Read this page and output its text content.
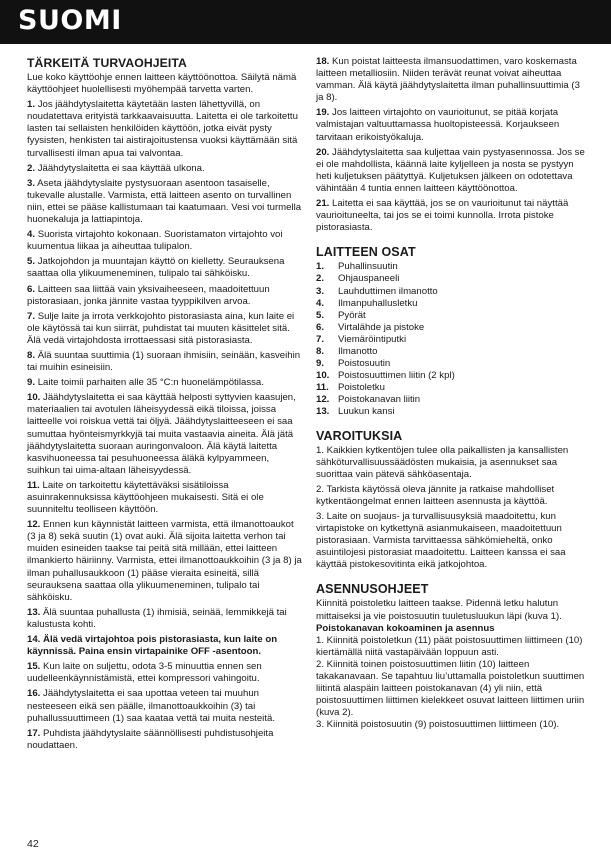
SUOMI
TÄRKEITÄ TURVAOHJEITA
Lue koko käyttöohje ennen laitteen käyttöönottoa. Säilytä nämä käyttöohjeet huolellisesti myöhempää tarvetta varten.
1. Jos jäähdytyslaitetta käytetään lasten lähettyvillä, on noudatettava erityistä tarkkaavaisuutta. Laitetta ei ole tarkoitettu lasten tai sellaisten henkilöiden käyttöön, jotka eivät pysty fyysisten, henkisten tai aistirajoitustensa vuoksi käyttämään sitä turvallisesti ilman apua tai valvontaa.
2. Jäähdytyslaitetta ei saa käyttää ulkona.
3. Aseta jäähdytyslaite pystysuoraan asentoon tasaiselle, tukevalle alustalle. Varmista, että laitteen asento on turvallinen niin, ettei se pääse kallistumaan tai kaatumaan. Vesi voi turmella huonekaluja ja lattiapintoja.
4. Suorista virtajohto kokonaan. Suoristamaton virtajohto voi kuumentua liikaa ja aiheuttaa tulipalon.
5. Jatkojohdon ja muuntajan käyttö on kielletty. Seurauksena saattaa olla ylikuumeneminen, tulipalo tai sähköisku.
6. Laitteen saa liittää vain yksivaiheeseen, maadoitettuun pistorasiaan, jonka jännite vastaa tyyppikilven arvoa.
7. Sulje laite ja irrota verkkojohto pistorasiasta aina, kun laite ei ole käytössä tai kun siirrät, puhdistat tai muuten käsittelet sitä. Älä vedä virtajohdosta irrottaessasi sitä pistorasiasta.
8. Älä suuntaa suuttimia (1) suoraan ihmisiin, seinään, kasveihin tai muihin esineisiin.
9. Laite toimii parhaiten alle 35 °C:n huonelämpötilassa.
10. Jäähdytyslaitetta ei saa käyttää helposti syttyvien kaasujen, materiaalien tai avotulen läheisyydessä eikä tiloissa, joissa laitteelle voi roiskua vettä tai öljyä. Jäähdytyslaitteeseen ei saa sumuttaa hyönteismyrkkyjä tai muita vastaavia aineita. Älä jätä jäähdytyslaitetta suoraan auringonvaloon. Älä käytä laitetta kasvihuoneessa tai pesuhuoneessa äläkä kylpyammeen, suihkun tai uima-altaan läheisyydessä.
11. Laite on tarkoitettu käytettäväksi sisätiloissa asuinrakennuksissa käyttöohjeen mukaisesti. Sitä ei ole suunniteltu teolliseen käyttöön.
12. Ennen kun käynnistät laitteen varmista, että ilmanottoaukot (3 ja 8) sekä suutin (1) ovat auki. Älä sijoita laitetta verhon tai muiden esineiden taakse tai peitä sitä millään, ettei laitteen ilmankierto häiriinny. Varmista, ettei ilmanottoaukkoihin (3 ja 8) ja ilman puhallusaukkoon (1) pääse vieraita esineitä, sillä seurauksena saattaa olla ylikuumeneminen, tulipalo tai sähköisku.
13. Älä suuntaa puhallusta (1) ihmisiä, seinää, lemmikkejä tai kalustusta kohti.
14. Älä vedä virtajohtoa pois pistorasiasta, kun laite on käynnissä. Paina ensin virtapainike OFF -asentoon.
15. Kun laite on suljettu, odota 3-5 minuuttia ennen sen uudelleenkäynnistämistä, ettei kompressori vahingoitu.
16. Jäähdytyslaitetta ei saa upottaa veteen tai muuhun nesteeseen eikä sen päälle, ilmanottoaukkoihin (3) tai puhallussuuttimeen (1) saa kaataa vettä tai muita nesteitä.
17. Puhdista jäähdytyslaite säännöllisesti puhdistusohjeita noudattaen.
18. Kun poistat laitteesta ilmansuodattimen, varo koskemasta laitteen metalliosiin. Niiden terävät reunat voivat aiheuttaa vamman. Älä käytä jäähdytyslaitetta ilman puhallinsuuttimia (3 ja 8).
19. Jos laitteen virtajohto on vaurioitunut, se pitää korjata valmistajan valtuuttamassa huoltopisteessä. Korjaukseen tarvitaan erikoistyökaluja.
20. Jäähdytyslaitetta saa kuljettaa vain pystyasennossa. Jos se ei ole mahdollista, käännä laite kyljelleen ja nosta se pystyyn heti kuljetuksen päätyttyä. Kuljetuksen jälkeen on odotettava vähintään 4 tuntia ennen laitteen käyttöönottoa.
21. Laitetta ei saa käyttää, jos se on vaurioitunut tai näyttää vaurioituneelta, tai jos se ei toimi kunnolla. Irrota pistoke pistorasiasta.
LAITTEEN OSAT
1. Puhallinsuutin
2. Ohjauspaneeli
3. Lauhduttimen ilmanotto
4. Ilmanpuhallusletku
5. Pyörät
6. Virtalähde ja pistoke
7. Viemäröintiputki
8. Ilmanotto
9. Poistosuutin
10. Poistosuuttimen liitin (2 kpl)
11. Poistoletku
12. Poistokanavan liitin
13. Luukun kansi
VAROITUKSIA
1. Kaikkien kytkentöjen tulee olla paikallisten ja kansallisten sähköturvallisuussäädösten mukaisia, ja asennukset saa suorittaa vain pätevä sähköasentaja.
2. Tarkista käytössä oleva jännite ja ratkaise mahdolliset kytkentäongelmat ennen laitteen asennusta ja käyttöä.
3. Laite on suojaus- ja turvallisuusyksiä maadoitettu, kun virtapistoke on kytkettynä asianmukaiseen, maadoitettuun pistorasiaan. Varmista tarvittaessa sähkömieheltä, onko asuintilojesi pistorasiat maadoitettu. Laitteen kanssa ei saa käyttää pistokesovitinta eikä jatkojohtoa.
ASENNUSOHJEET
Kiinnitä poistoletku laitteen taakse. Pidennä letku halutun mittaiseksi ja vie poistosuutin tuuletusluukun läpi (kuva 1).
Poistokanavan kokoaminen ja asennus
1. Kiinnitä poistoletkun (11) päät poistosuuttimen liittimeen (10) kiertämällä niitä vastapäivään loppuun asti.
2. Kiinnitä toinen poistosuuttimen liitin (10) laitteen takakanavaan. Se tapahtuu liu’uttamalla poistoletkun suuttimen liitintä alaspäin laitteen poistokanavan (4) yli niin, että poistosuuttimen liittimen kielekkeet osuvat laitteen liittimen uriin (kuva 2).
3. Kiinnitä poistosuutin (9) poistosuuttimen liittimeen (10).
42
